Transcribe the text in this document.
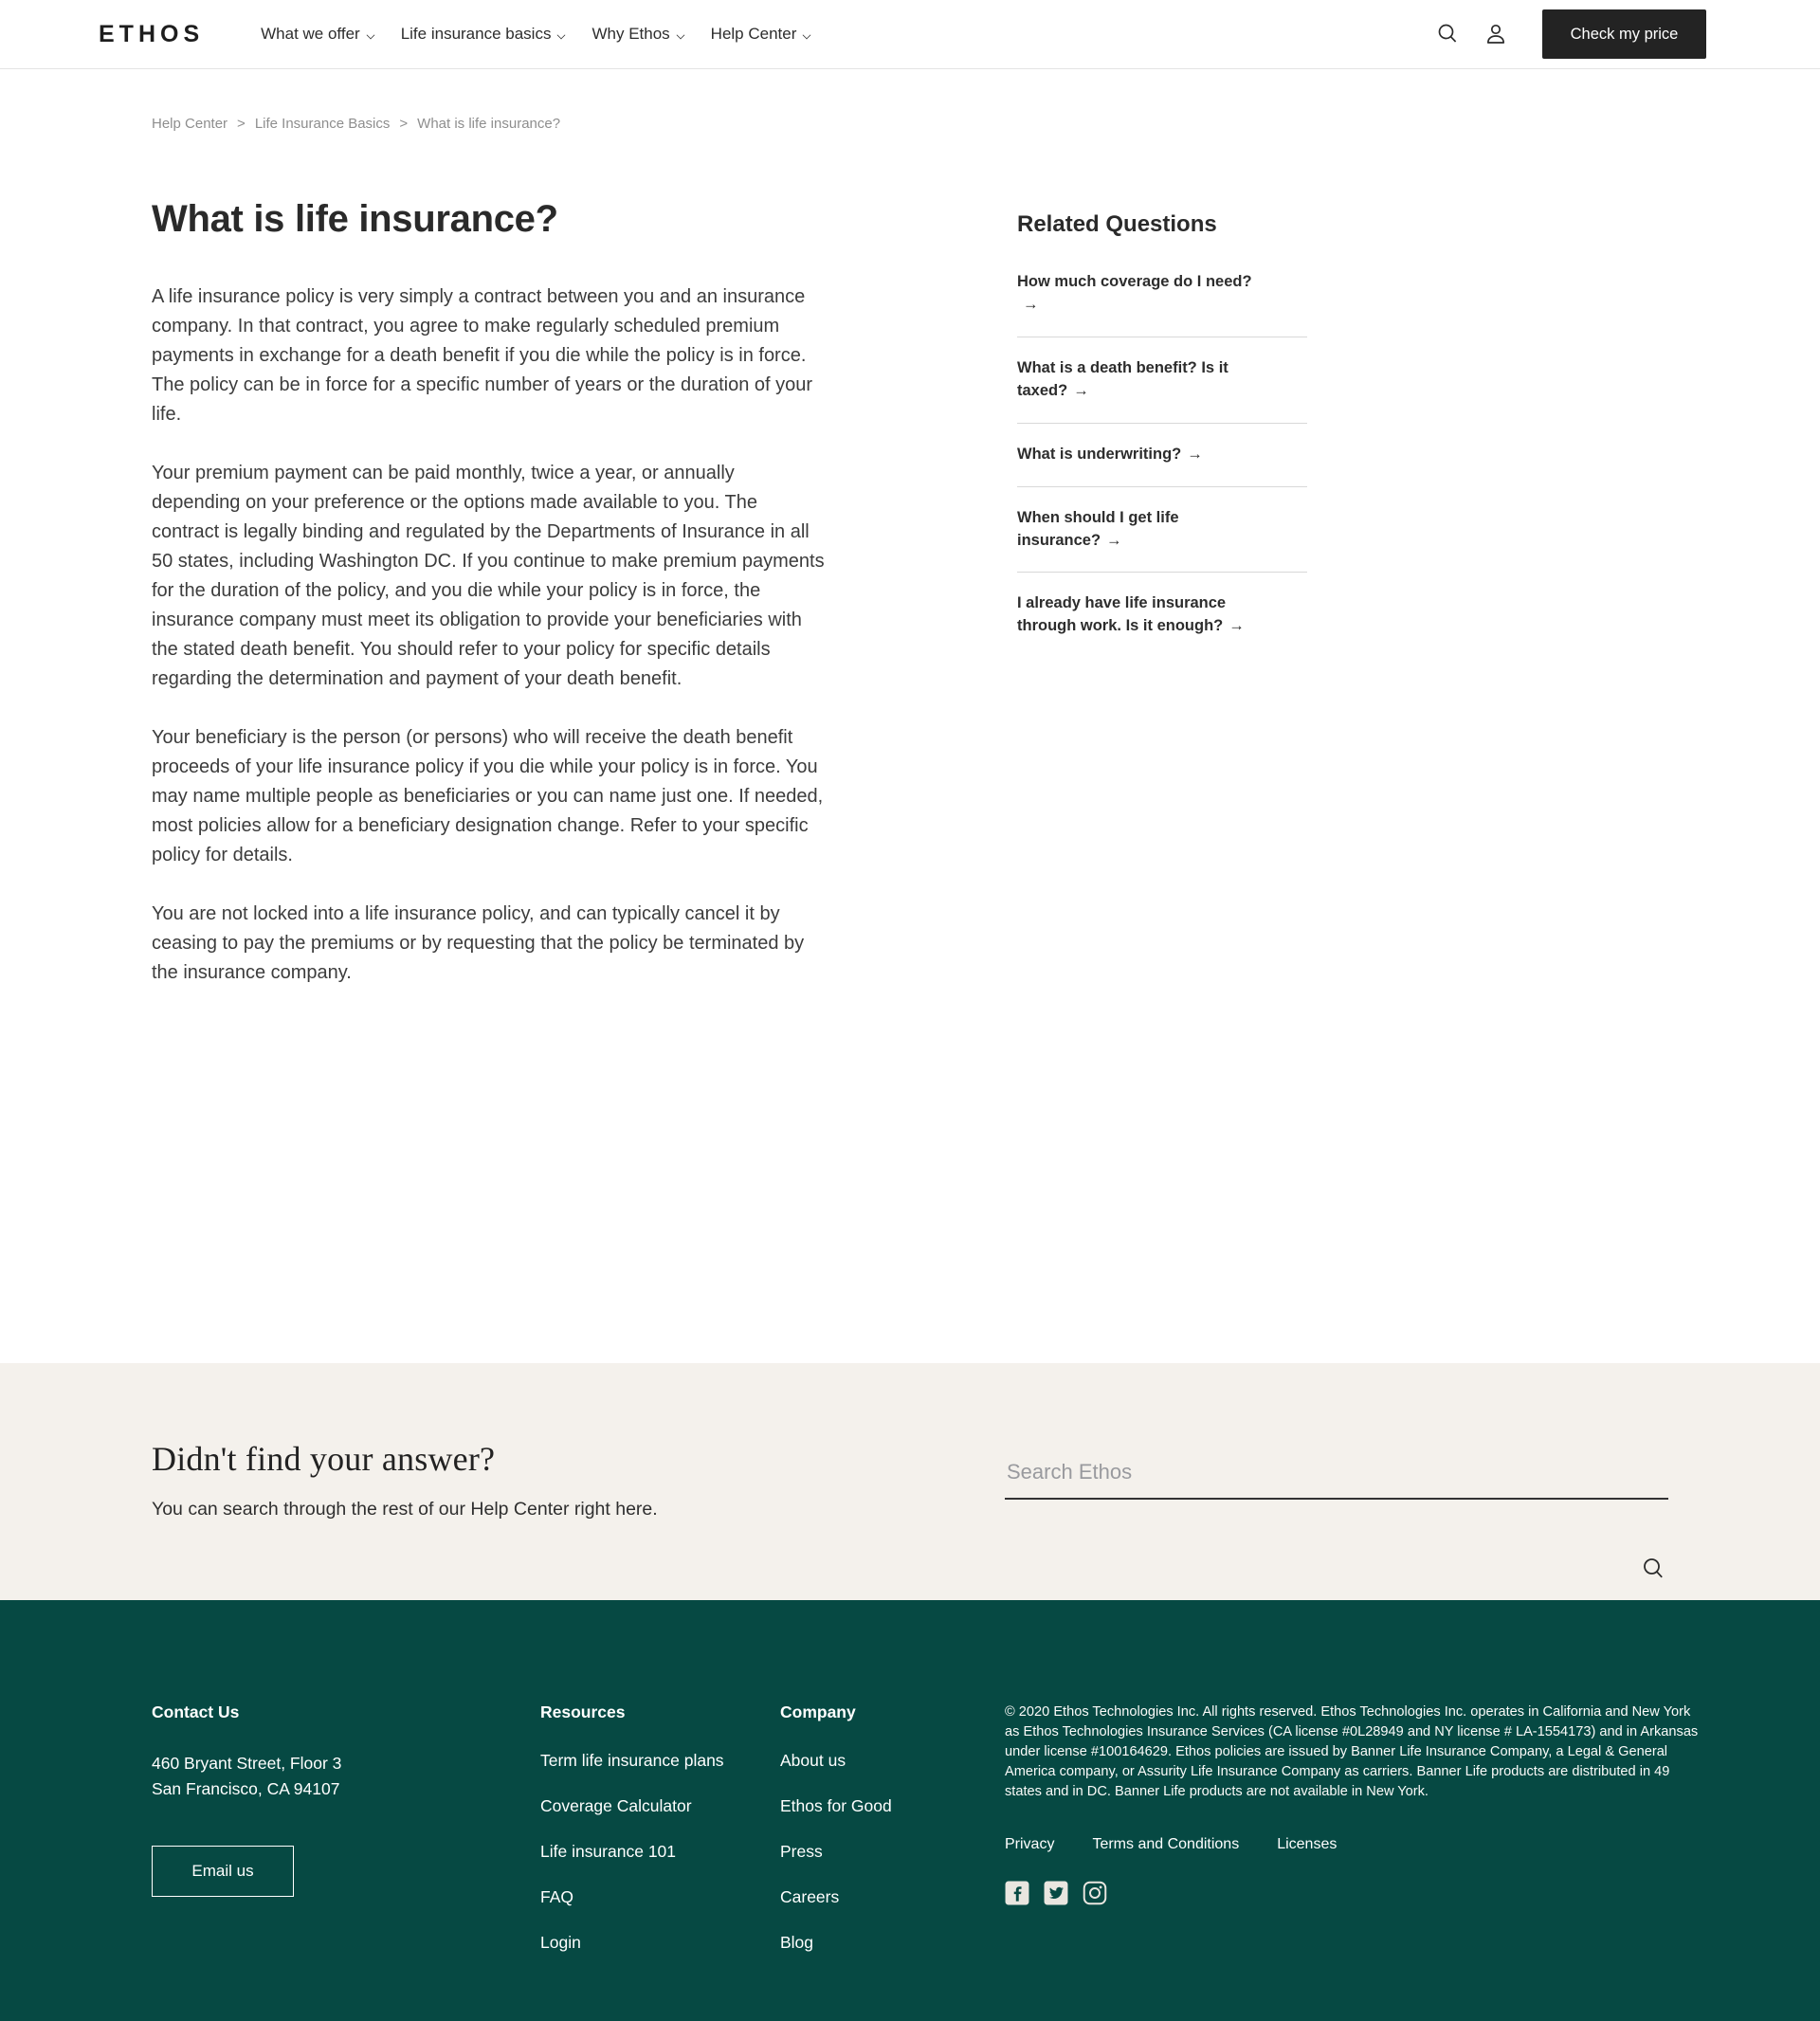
ETHOS	What we offer	Life insurance basics	Why Ethos	Help Center	Check my price
Help Center > Life Insurance Basics > What is life insurance?
What is life insurance?

A life insurance policy is very simply a contract between you and an insurance company. In that contract, you agree to make regularly scheduled premium payments in exchange for a death benefit if you die while the policy is in force. The policy can be in force for a specific number of years or the duration of your life.

Your premium payment can be paid monthly, twice a year, or annually depending on your preference or the options made available to you. The contract is legally binding and regulated by the Departments of Insurance in all 50 states, including Washington DC. If you continue to make premium payments for the duration of the policy, and you die while your policy is in force, the insurance company must meet its obligation to provide your beneficiaries with the stated death benefit. You should refer to your policy for specific details regarding the determination and payment of your death benefit.

Your beneficiary is the person (or persons) who will receive the death benefit proceeds of your life insurance policy if you die while your policy is in force. You may name multiple people as beneficiaries or you can name just one. If needed, most policies allow for a beneficiary designation change. Refer to your specific policy for details.

You are not locked into a life insurance policy, and can typically cancel it by ceasing to pay the premiums or by requesting that the policy be terminated by the insurance company.

Related Questions
How much coverage do I need?→
What is a death benefit? Is it taxed? →
What is underwriting? →
When should I get life insurance? →
I already have life insurance through work. Is it enough? →
Didn't find your answer?

You can search through the rest of our Help Center right here.

Search Ethos
Contact Us
460 Bryant Street, Floor 3
San Francisco, CA 94107
Email us
Resources
Term life insurance plans
Coverage Calculator
Life insurance 101
FAQ
Login
Company
About us
Ethos for Good
Press
Careers
Blog

© 2020 Ethos Technologies Inc. All rights reserved. Ethos Technologies Inc. operates in California and New York as Ethos Technologies Insurance Services (CA license #0L28949 and NY license # LA-1554173) and in Arkansas under license #100164629. Ethos policies are issued by Banner Life Insurance Company, a Legal & General America company, or Assurity Life Insurance Company as carriers. Banner Life products are distributed in 49 states and in DC. Banner Life products are not available in New York.

Privacy	Terms and Conditions	Licenses
